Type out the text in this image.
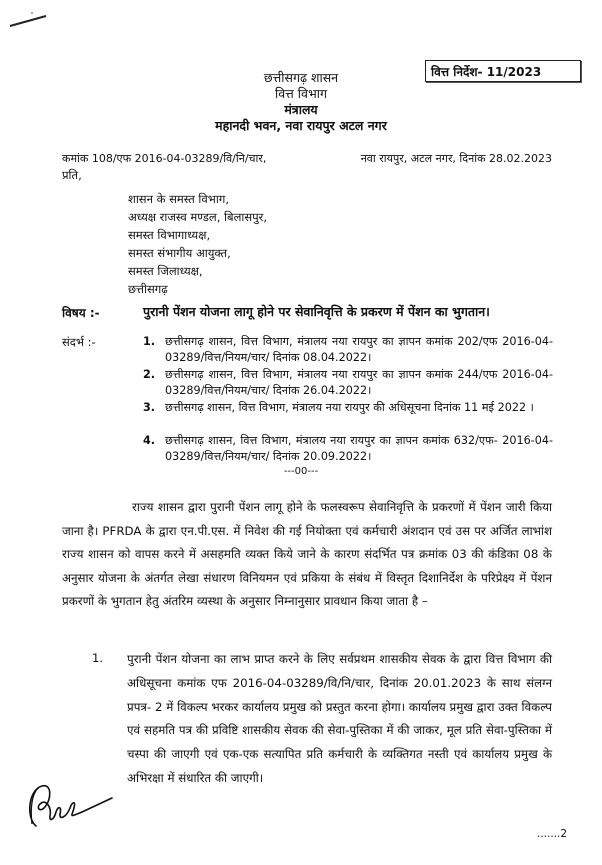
वित्त निर्देश- 11/2023
छत्तीसगढ़ शासन
वित्त विभाग
मंत्रालय
महानदी भवन, नवा रायपुर अटल नगर
कमांक 108/एफ 2016-04-03289/वि/नि/चार,	नवा रायपुर, अटल नगर, दिनांक 28.02.2023
प्रति,
शासन के समस्त विभाग,
अध्यक्ष राजस्व मण्डल, बिलासपुर,
समस्त विभागाध्यक्ष,
समस्त संभागीय आयुक्त,
समस्त जिलाध्यक्ष,
छत्तीसगढ़
विषय :-	पुरानी पेंशन योजना लागू होने पर सेवानिवृत्ति के प्रकरण में पेंशन का भुगतान।
संदर्भ :-	1. छत्तीसगढ़ शासन, वित्त विभाग, मंत्रालय नया रायपुर का ज्ञापन कमांक 202/एफ 2016-04-03289/वित्त/नियम/चार/ दिनांक 08.04.2022।
2. छत्तीसगढ़ शासन, वित्त विभाग, मंत्रालय नया रायपुर का ज्ञापन कमांक 244/एफ 2016-04-03289/वित्त/नियम/चार/ दिनांक 26.04.2022।
3. छत्तीसगढ़ शासन, वित्त विभाग, मंत्रालय नया रायपुर की अधिसूचना दिनांक 11 मई 2022 ।
4. छत्तीसगढ़ शासन, वित्त विभाग, मंत्रालय नया रायपुर का ज्ञापन कमांक 632/एफ- 2016-04-03289/वित्त/नियम/चार/ दिनांक 20.09.2022।
---00---
राज्य शासन द्वारा पुरानी पेंशन लागू होने के फलस्वरूप सेवानिवृत्ति के प्रकरणों में पेंशन जारी किया जाना है। PFRDA के द्वारा एन.पी.एस. में निवेश की गई नियोक्ता एवं कर्मचारी अंशदान एवं उस पर अर्जित लाभांश राज्य शासन को वापस करने में असहमति व्यक्त किये जाने के कारण संदर्भित पत्र क्रमांक 03 की कंडिका 08 के अनुसार योजना के अंतर्गत लेखा संधारण विनियमन एवं प्रकिया के संबंध में विस्तृत दिशानिर्देश के परिप्रेक्ष्य में पेंशन प्रकरणों के भुगतान हेतु अंतरिम व्यस्था के अनुसार निम्नानुसार प्रावधान किया जाता है –
1. पुरानी पेंशन योजना का लाभ प्राप्त करने के लिए सर्वप्रथम शासकीय सेवक के द्वारा वित्त विभाग की अधिसूचना कमांक एफ 2016-04-03289/वि/नि/चार, दिनांक 20.01.2023 के साथ संलग्न प्रपत्र- 2 में विकल्प भरकर कार्यालय प्रमुख को प्रस्तुत करना होगा। कार्यालय प्रमुख द्वारा उक्त विकल्प एवं सहमति पत्र की प्रविष्टि शासकीय सेवक की सेवा-पुस्तिका में की जाकर, मूल प्रति सेवा-पुस्तिका में चस्पा की जाएगी एवं एक-एक सत्यापित प्रति कर्मचारी के व्यक्तिगत नस्ती एवं कार्यालय प्रमुख के अभिरक्षा में संधारित की जाएगी।
.......2
